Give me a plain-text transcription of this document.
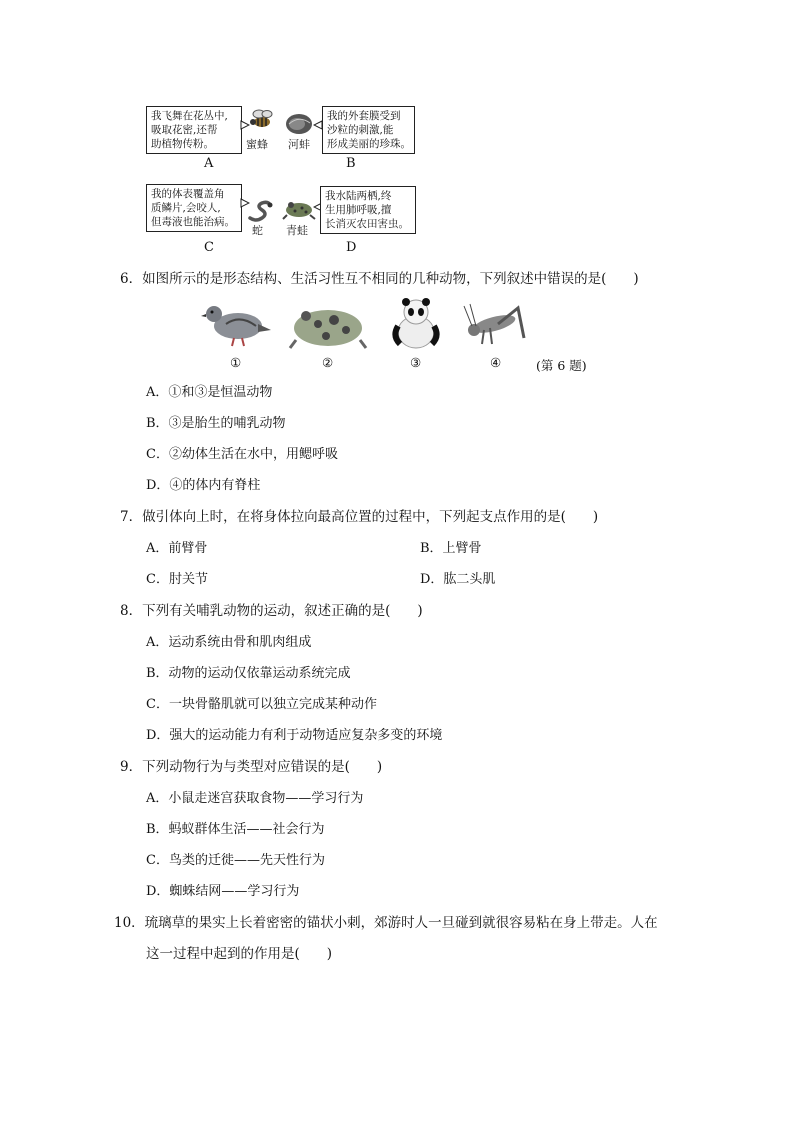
我飞舞在花丛中,
吸取花密,还帮
助植物传粉。	蜜蜂
A
河蚌
我的外套膜受到
沙粒的刺激,能
形成美丽的珍珠。
B
我的体表覆盖角
质鳞片,会咬人,
但毒液也能治病。
蛇
C
青蛙
我水陆两栖,终
生用肺呼吸,擅
长消灭农田害虫。
D
6．如图所示的是形态结构、生活习性互不相同的几种动物，下列叙述中错误的是(　　)
①	②	③	④	(第 6 题)
A．①和③是恒温动物
B．③是胎生的哺乳动物
C．②幼体生活在水中，用鳃呼吸
D．④的体内有脊柱
7．做引体向上时，在将身体拉向最高位置的过程中，下列起支点作用的是(　　)
A．前臂骨	B．上臂骨
C．肘关节	D．肱二头肌
8．下列有关哺乳动物的运动，叙述正确的是(　　)
A．运动系统由骨和肌肉组成
B．动物的运动仅依靠运动系统完成
C．一块骨骼肌就可以独立完成某种动作
D．强大的运动能力有利于动物适应复杂多变的环境
9．下列动物行为与类型对应错误的是(　　)
A．小鼠走迷宫获取食物——学习行为
B．蚂蚁群体生活——社会行为
C．鸟类的迁徙——先天性行为
D．蜘蛛结网——学习行为
10．琉璃草的果实上长着密密的锚状小刺，郊游时人一旦碰到就很容易粘在身上带走。人在
这一过程中起到的作用是(　　)
